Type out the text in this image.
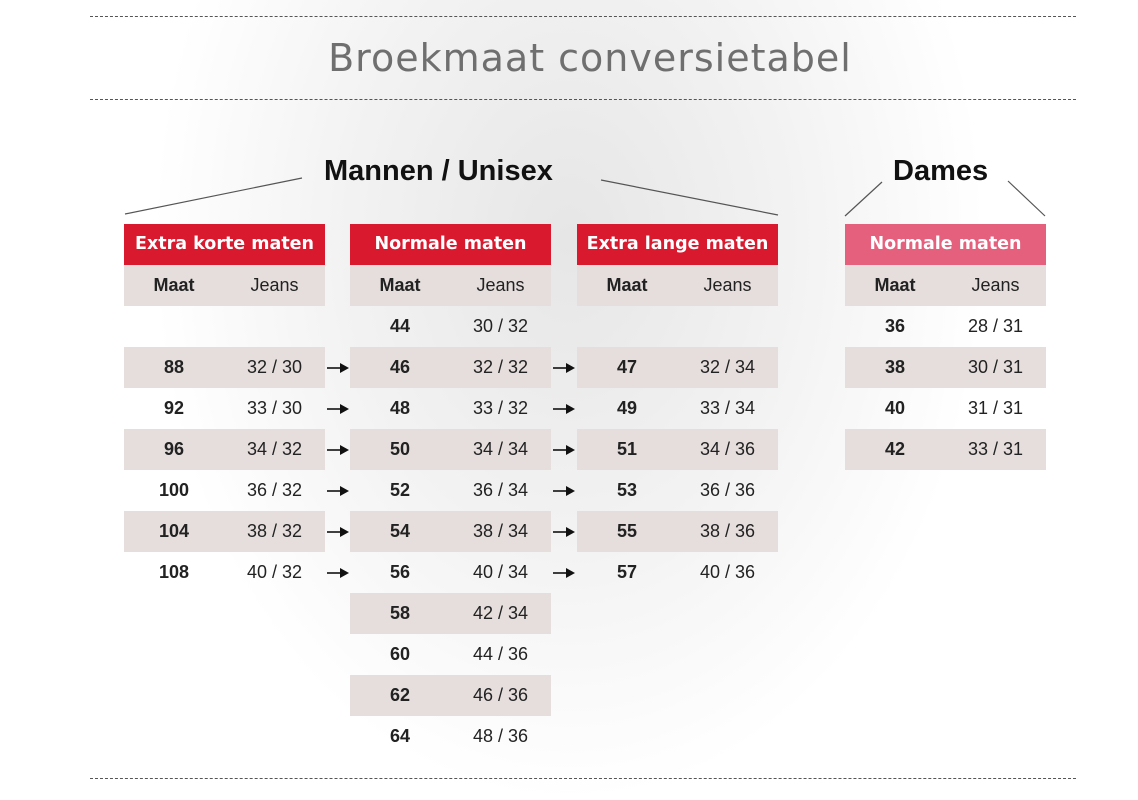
Broekmaat conversietabel
Mannen / Unisex	Dames
Extra korte maten
Maat	Jeans
88	32 / 30
92	33 / 30
96	34 / 32
100	36 / 32
104	38 / 32
108	40 / 32
Normale maten
Maat	Jeans
44	30 / 32
46	32 / 32
48	33 / 32
50	34 / 34
52	36 / 34
54	38 / 34
56	40 / 34
58	42 / 34
60	44 / 36
62	46 / 36
64	48 / 36
Extra lange maten
Maat	Jeans
47	32 / 34
49	33 / 34
51	34 / 36
53	36 / 36
55	38 / 36
57	40 / 36
Normale maten
Maat	Jeans
36	28 / 31
38	30 / 31
40	31 / 31
42	33 / 31
